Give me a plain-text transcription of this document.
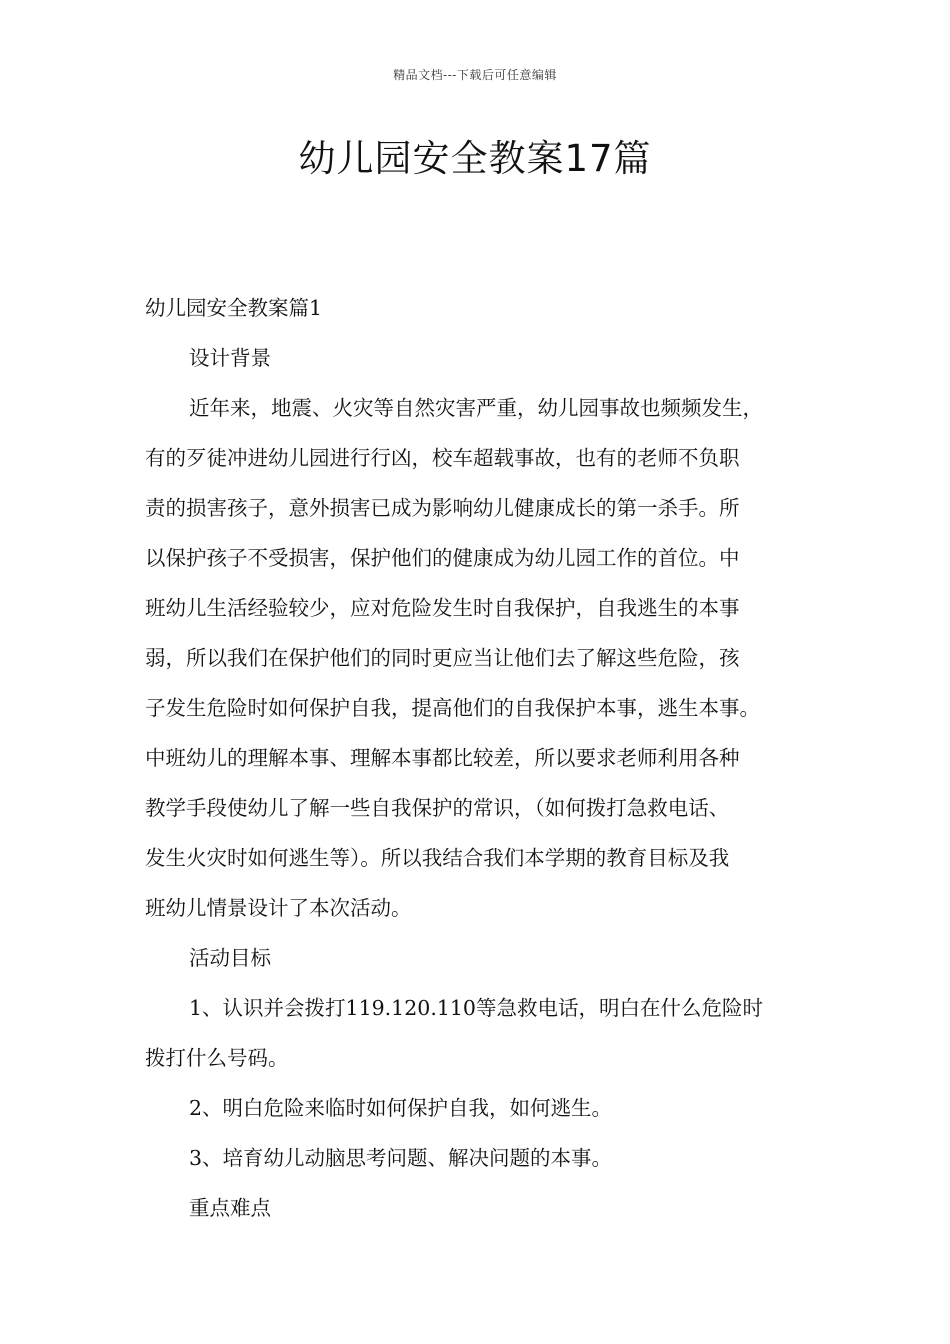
精品文档---下载后可任意编辑
幼儿园安全教案17篇
幼儿园安全教案篇1
设计背景
近年来，地震、火灾等自然灾害严重，幼儿园事故也频频发生，
有的歹徒冲进幼儿园进行行凶，校车超载事故，也有的老师不负职
责的损害孩子，意外损害已成为影响幼儿健康成长的第一杀手。所
以保护孩子不受损害，保护他们的健康成为幼儿园工作的首位。中
班幼儿生活经验较少，应对危险发生时自我保护，自我逃生的本事
弱，所以我们在保护他们的同时更应当让他们去了解这些危险，孩
子发生危险时如何保护自我，提高他们的自我保护本事，逃生本事。
中班幼儿的理解本事、理解本事都比较差，所以要求老师利用各种
教学手段使幼儿了解一些自我保护的常识，（如何拨打急救电话、
发生火灾时如何逃生等）。所以我结合我们本学期的教育目标及我
班幼儿情景设计了本次活动。
活动目标
1、认识并会拨打119.120.110等急救电话，明白在什么危险时
拨打什么号码。
2、明白危险来临时如何保护自我，如何逃生。
3、培育幼儿动脑思考问题、解决问题的本事。
重点难点
